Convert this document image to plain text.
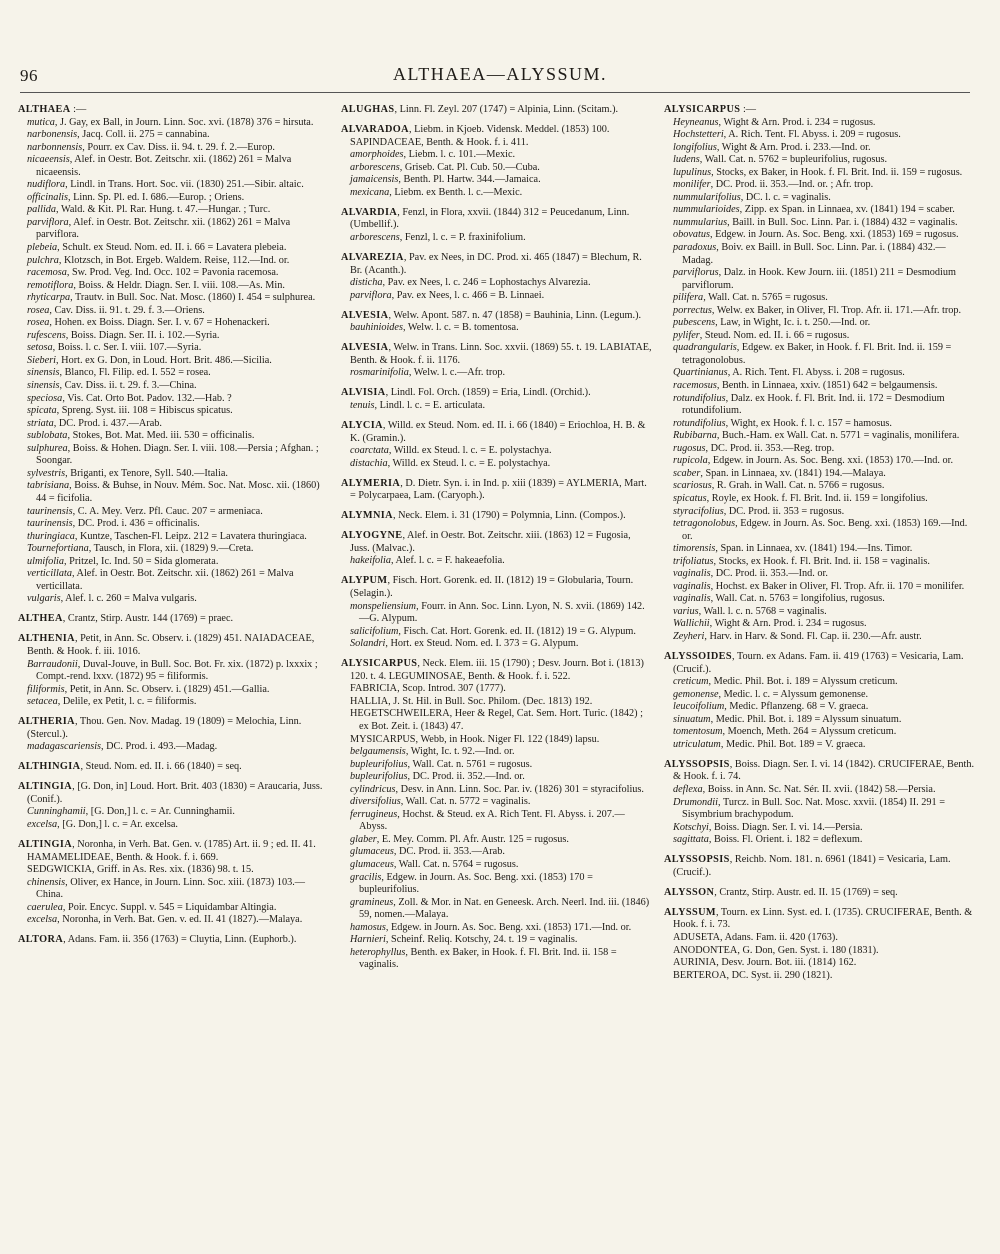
96	ALTHAEA—ALYSSUM.
ALTHAEA :—
mutica, J. Gay, ex Ball, in Journ. Linn. Soc. xvi. (1878) 376 = hirsuta.
narbonensis, Jacq. Coll. ii. 275 = cannabina.
narbonnensis, Pourr. ex Cav. Diss. ii. 94. t. 29. f. 2.—Europ.
nicaeensis, Alef. in Oestr. Bot. Zeitschr. xii. (1862) 261 = Malva nicaeensis.
nudiflora, Lindl. in Trans. Hort. Soc. vii. (1830) 251.—Sibir. altaic.
officinalis, Linn. Sp. Pl. ed. I. 686.—Europ. ; Oriens.
pallida, Wald. & Kit. Pl. Rar. Hung. t. 47.—Hungar. ; Turc.
parviflora, Alef. in Oestr. Bot. Zeitschr. xii. (1862) 261 = Malva parviflora.
plebeia, Schult. ex Steud. Nom. ed. II. i. 66 = Lavatera plebeia.
pulchra, Klotzsch, in Bot. Ergeb. Waldem. Reise, 112.—Ind. or.
racemosa, Sw. Prod. Veg. Ind. Occ. 102 = Pavonia racemosa.
remotiflora, Boiss. & Heldr. Diagn. Ser. I. viii. 108.—As. Min.
rhyticarpa, Trautv. in Bull. Soc. Nat. Mosc. (1860) I. 454 = sulphurea.
rosea, Cav. Diss. ii. 91. t. 29. f. 3.—Oriens.
rosea, Hohen. ex Boiss. Diagn. Ser. I. v. 67 = Hohenackeri.
rufescens, Boiss. Diagn. Ser. II. i. 102.—Syria.
setosa, Boiss. l. c. Ser. I. viii. 107.—Syria.
Sieberi, Hort. ex G. Don, in Loud. Hort. Brit. 486.—Sicilia.
sinensis, Blanco, Fl. Filip. ed. I. 552 = rosea.
sinensis, Cav. Diss. ii. t. 29. f. 3.—China.
speciosa, Vis. Cat. Orto Bot. Padov. 132.—Hab. ?
spicata, Spreng. Syst. iii. 108 = Hibiscus spicatus.
striata, DC. Prod. i. 437.—Arab.
sublobata, Stokes, Bot. Mat. Med. iii. 530 = officinalis.
sulphurea, Boiss. & Hohen. Diagn. Ser. I. viii. 108.—Persia ; Afghan. ; Soongar.
sylvestris, Briganti, ex Tenore, Syll. 540.—Italia.
tabrisiana, Boiss. & Buhse, in Nouv. Mém. Soc. Nat. Mosc. xii. (1860) 44 = ficifolia.
taurinensis, C. A. Mey. Verz. Pfl. Cauc. 207 = armeniaca.
taurinensis, DC. Prod. i. 436 = officinalis.
thuringiaca, Kuntze, Taschen-Fl. Leipz. 212 = Lavatera thuringiaca.
Tournefortiana, Tausch, in Flora, xii. (1829) 9.—Creta.
ulmifolia, Pritzel, Ic. Ind. 50 = Sida glomerata.
verticillata, Alef. in Oestr. Bot. Zeitschr. xii. (1862) 261 = Malva verticillata.
vulgaris, Alef. l. c. 260 = Malva vulgaris.
ALTHEA, Crantz, Stirp. Austr. 144 (1769) = praec.
ALTHENIA, Petit, in Ann. Sc. Observ. i. (1829) 451. NAIADACEAE, Benth. & Hook. f. iii. 1016.
Barraudonii, Duval-Jouve, in Bull. Soc. Bot. Fr. xix. (1872) p. lxxxix ; Compt.-rend. lxxv. (1872) 95 = filiformis.
filiformis, Petit, in Ann. Sc. Observ. i. (1829) 451.—Gallia.
setacea, Delile, ex Petit, l. c. = filiformis.
ALTHERIA, Thou. Gen. Nov. Madag. 19 (1809) = Melochia, Linn. (Stercul.).
madagascariensis, DC. Prod. i. 493.—Madag.
ALTHINGIA, Steud. Nom. ed. II. i. 66 (1840) = seq.
ALTINGIA, [G. Don, in] Loud. Hort. Brit. 403 (1830) = Araucaria, Juss. (Conif.).
Cunninghamii, [G. Don,] l. c. = Ar. Cunninghamii.
excelsa, [G. Don,] l. c. = Ar. excelsa.
ALTINGIA, Noronha, in Verh. Bat. Gen. v. (1785) Art. ii. 9 ; ed. II. 41. HAMAMELIDEAE, Benth. & Hook. f. i. 669.
SEDGWICKIA, Griff. in As. Res. xix. (1836) 98. t. 15.
chinensis, Oliver, ex Hance, in Journ. Linn. Soc. xiii. (1873) 103.—China.
caerulea, Poir. Encyc. Suppl. v. 545 = Liquidambar Altingia.
excelsa, Noronha, in Verh. Bat. Gen. v. ed. II. 41 (1827).—Malaya.
ALTORA, Adans. Fam. ii. 356 (1763) = Cluytia, Linn. (Euphorb.).
ALUGHAS, Linn. Fl. Zeyl. 207 (1747) = Alpinia, Linn. (Scitam.).
ALVARADOA, Liebm. in Kjoeb. Vidensk. Meddel. (1853) 100. SAPINDACEAE, Benth. & Hook. f. i. 411.
amorphoides, Liebm. l. c. 101.—Mexic.
arborescens, Griseb. Cat. Pl. Cub. 50.—Cuba.
jamaicensis, Benth. Pl. Hartw. 344.—Jamaica.
mexicana, Liebm. ex Benth. l. c.—Mexic.
ALVARDIA, Fenzl, in Flora, xxvii. (1844) 312 = Peucedanum, Linn. (Umbellif.).
arborescens, Fenzl, l. c. = P. fraxinifolium.
ALVAREZIA, Pav. ex Nees, in DC. Prod. xi. 465 (1847) = Blechum, R. Br. (Acanth.).
disticha, Pav. ex Nees, l. c. 246 = Lophostachys Alvarezia.
parviflora, Pav. ex Nees, l. c. 466 = B. Linnaei.
ALVESIA, Welw. Apont. 587. n. 47 (1858) = Bauhinia, Linn. (Legum.).
bauhinioides, Welw. l. c. = B. tomentosa.
ALVESIA, Welw. in Trans. Linn. Soc. xxvii. (1869) 55. t. 19. LABIATAE, Benth. & Hook. f. ii. 1176.
rosmarinifolia, Welw. l. c.—Afr. trop.
ALVISIA, Lindl. Fol. Orch. (1859) = Eria, Lindl. (Orchid.).
tenuis, Lindl. l. c. = E. articulata.
ALYCIA, Willd. ex Steud. Nom. ed. II. i. 66 (1840) = Eriochloa, H. B. & K. (Gramin.).
coarctata, Willd. ex Steud. l. c. = E. polystachya.
distachia, Willd. ex Steud. l. c. = E. polystachya.
ALYMERIA, D. Dietr. Syn. i. in Ind. p. xiii (1839) = AYLMERIA, Mart. = Polycarpaea, Lam. (Caryoph.).
ALYMNIA, Neck. Elem. i. 31 (1790) = Polymnia, Linn. (Compos.).
ALYOGYNE, Alef. in Oestr. Bot. Zeitschr. xiii. (1863) 12 = Fugosia, Juss. (Malvac.).
hakeifolia, Alef. l. c. = F. hakeaefolia.
ALYPUM, Fisch. Hort. Gorenk. ed. II. (1812) 19 = Globularia, Tourn. (Selagin.).
monspeliensium, Fourr. in Ann. Soc. Linn. Lyon, N. S. xvii. (1869) 142.—G. Alypum.
salicifolium, Fisch. Cat. Hort. Gorenk. ed. II. (1812) 19 = G. Alypum.
Solandri, Hort. ex Steud. Nom. ed. I. 373 = G. Alypum.
ALYSICARPUS, Neck. Elem. iii. 15 (1790) ; Desv. Journ. Bot i. (1813) 120. t. 4. LEGUMINOSAE, Benth. & Hook. f. i. 522.
FABRICIA, Scop. Introd. 307 (1777).
HALLIA, J. St. Hil. in Bull. Soc. Philom. (Dec. 1813) 192.
HEGETSCHWEILERA, Heer & Regel, Cat. Sem. Hort. Turic. (1842) ; ex Bot. Zeit. i. (1843) 47.
MYSICARPUS, Webb, in Hook. Niger Fl. 122 (1849) lapsu.
belgaumensis, Wight, Ic. t. 92.—Ind. or.
bupleurifolius, Wall. Cat. n. 5761 = rugosus.
bupleurifolius, DC. Prod. ii. 352.—Ind. or.
cylindricus, Desv. in Ann. Linn. Soc. Par. iv. (1826) 301 = styracifolius.
diversifolius, Wall. Cat. n. 5772 = vaginalis.
ferrugineus, Hochst. & Steud. ex A. Rich Tent. Fl. Abyss. i. 207.—Abyss.
glaber, E. Mey. Comm. Pl. Afr. Austr. 125 = rugosus.
glumaceus, DC. Prod. ii. 353.—Arab.
glumaceus, Wall. Cat. n. 5764 = rugosus.
gracilis, Edgew. in Journ. As. Soc. Beng. xxi. (1853) 170 = bupleurifolius.
gramineus, Zoll. & Mor. in Nat. en Geneesk. Arch. Neerl. Ind. iii. (1846) 59, nomen.—Malaya.
hamosus, Edgew. in Journ. As. Soc. Beng. xxi. (1853) 171.—Ind. or.
Harnieri, Scheinf. Reliq. Kotschy, 24. t. 19 = vaginalis.
heterophyllus, Benth. ex Baker, in Hook. f. Fl. Brit. Ind. ii. 158 = vaginalis.
ALYSICARPUS :—
Heyneanus, Wight & Arn. Prod. i. 234 = rugosus.
Hochstetteri, A. Rich. Tent. Fl. Abyss. i. 209 = rugosus.
longifolius, Wight & Arn. Prod. i. 233.—Ind. or.
ludens, Wall. Cat. n. 5762 = bupleurifolius, rugosus.
lupulinus, Stocks, ex Baker, in Hook. f. Fl. Brit. Ind. ii. 159 = rugosus.
monilifer, DC. Prod. ii. 353.—Ind. or. ; Afr. trop.
nummularifolius, DC. l. c. = vaginalis.
nummularioides, Zipp. ex Span. in Linnaea, xv. (1841) 194 = scaber.
nummularius, Baill. in Bull. Soc. Linn. Par. i. (1884) 432 = vaginalis.
obovatus, Edgew. in Journ. As. Soc. Beng. xxi. (1853) 169 = rugosus.
paradoxus, Boiv. ex Baill. in Bull. Soc. Linn. Par. i. (1884) 432.—Madag.
parviflorus, Dalz. in Hook. Kew Journ. iii. (1851) 211 = Desmodium parviflorum.
pilifera, Wall. Cat. n. 5765 = rugosus.
porrectus, Welw. ex Baker, in Oliver, Fl. Trop. Afr. ii. 171.—Afr. trop.
pubescens, Law, in Wight, Ic. i. t. 250.—Ind. or.
pylifer, Steud. Nom. ed. II. i. 66 = rugosus.
quadrangularis, Edgew. ex Baker, in Hook. f. Fl. Brit. Ind. ii. 159 = tetragonolobus.
Quartinianus, A. Rich. Tent. Fl. Abyss. i. 208 = rugosus.
racemosus, Benth. in Linnaea, xxiv. (1851) 642 = belgaumensis.
rotundifolius, Dalz. ex Hook. f. Fl. Brit. Ind. ii. 172 = Desmodium rotundifolium.
rotundifolius, Wight, ex Hook. f. l. c. 157 = hamosus.
Rubibarna, Buch.-Ham. ex Wall. Cat. n. 5771 = vaginalis, monilifera.
rugosus, DC. Prod. ii. 353.—Reg. trop.
rupicola, Edgew. in Journ. As. Soc. Beng. xxi. (1853) 170.—Ind. or.
scaber, Span. in Linnaea, xv. (1841) 194.—Malaya.
scariosus, R. Grah. in Wall. Cat. n. 5766 = rugosus.
spicatus, Royle, ex Hook. f. Fl. Brit. Ind. ii. 159 = longifolius.
styracifolius, DC. Prod. ii. 353 = rugosus.
tetragonolobus, Edgew. in Journ. As. Soc. Beng. xxi. (1853) 169.—Ind. or.
timorensis, Span. in Linnaea, xv. (1841) 194.—Ins. Timor.
trifoliatus, Stocks, ex Hook. f. Fl. Brit. Ind. ii. 158 = vaginalis.
vaginalis, DC. Prod. ii. 353.—Ind. or.
vaginalis, Hochst. ex Baker in Oliver, Fl. Trop. Afr. ii. 170 = monilifer.
vaginalis, Wall. Cat. n. 5763 = longifolius, rugosus.
varius, Wall. l. c. n. 5768 = vaginalis.
Wallichii, Wight & Arn. Prod. i. 234 = rugosus.
Zeyheri, Harv. in Harv. & Sond. Fl. Cap. ii. 230.—Afr. austr.
ALYSSOIDES, Tourn. ex Adans. Fam. ii. 419 (1763) = Vesicaria, Lam. (Crucif.).
creticum, Medic. Phil. Bot. i. 189 = Alyssum creticum.
gemonense, Medic. l. c. = Alyssum gemonense.
leucoifolium, Medic. Pflanzeng. 68 = V. graeca.
sinuatum, Medic. Phil. Bot. i. 189 = Alyssum sinuatum.
tomentosum, Moench, Meth. 264 = Alyssum creticum.
utriculatum, Medic. Phil. Bot. 189 = V. graeca.
ALYSSOPSIS, Boiss. Diagn. Ser. I. vi. 14 (1842). CRUCIFERAE, Benth. & Hook. f. i. 74.
deflexa, Boiss. in Ann. Sc. Nat. Sér. II. xvii. (1842) 58.—Persia.
Drumondii, Turcz. in Bull. Soc. Nat. Mosc. xxvii. (1854) II. 291 = Sisymbrium brachypodum.
Kotschyi, Boiss. Diagn. Ser. I. vi. 14.—Persia.
sagittata, Boiss. Fl. Orient. i. 182 = deflexum.
ALYSSOPSIS, Reichb. Nom. 181. n. 6961 (1841) = Vesicaria, Lam. (Crucif.).
ALYSSON, Crantz, Stirp. Austr. ed. II. 15 (1769) = seq.
ALYSSUM, Tourn. ex Linn. Syst. ed. I. (1735). CRUCIFERAE, Benth. & Hook. f. i. 73.
ADUSETA, Adans. Fam. ii. 420 (1763).
ANODONTEA, G. Don, Gen. Syst. i. 180 (1831).
AURINIA, Desv. Journ. Bot. iii. (1814) 162.
BERTEROA, DC. Syst. ii. 290 (1821).
